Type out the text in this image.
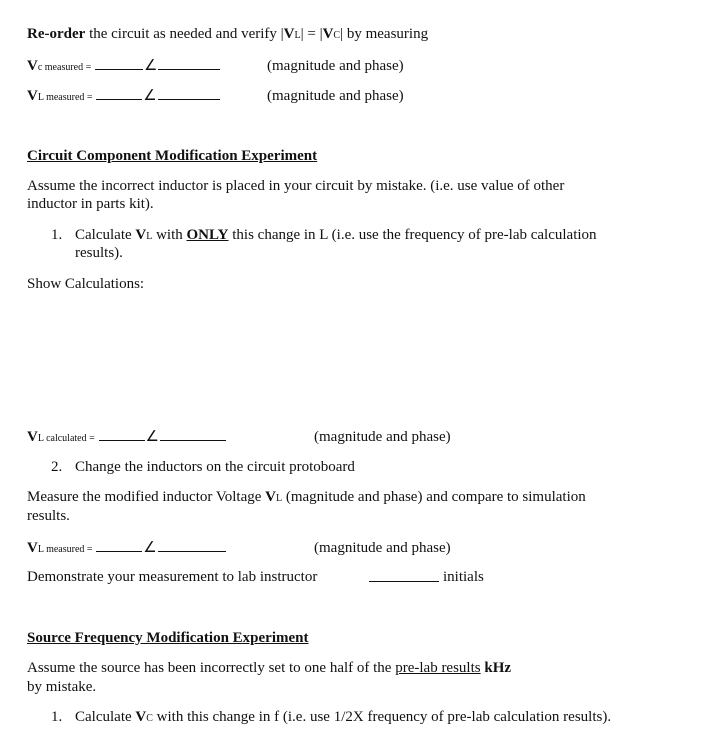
Re-order the circuit as needed and verify |VL| = |VC| by measuring
Vc measured =	∠	(magnitude and phase)
VL measured =	∠	(magnitude and phase)
Circuit Component Modification Experiment
Assume the incorrect inductor is placed in your circuit by mistake. (i.e. use value of other
inductor in parts kit).
1. Calculate VL with ONLY this change in L (i.e. use the frequency of pre-lab calculation
results).
Show Calculations:
VL calculated =	∠	(magnitude and phase)
2. Change the inductors on the circuit protoboard
Measure the modified inductor Voltage VL (magnitude and phase) and compare to simulation
results.
VL measured =	∠	(magnitude and phase)
Demonstrate your measurement to lab instructor	initials
Source Frequency Modification Experiment
Assume the source has been incorrectly set to one half of the pre-lab results kHz
by mistake.
1. Calculate VC with this change in f (i.e. use 1/2X frequency of pre-lab calculation results).
